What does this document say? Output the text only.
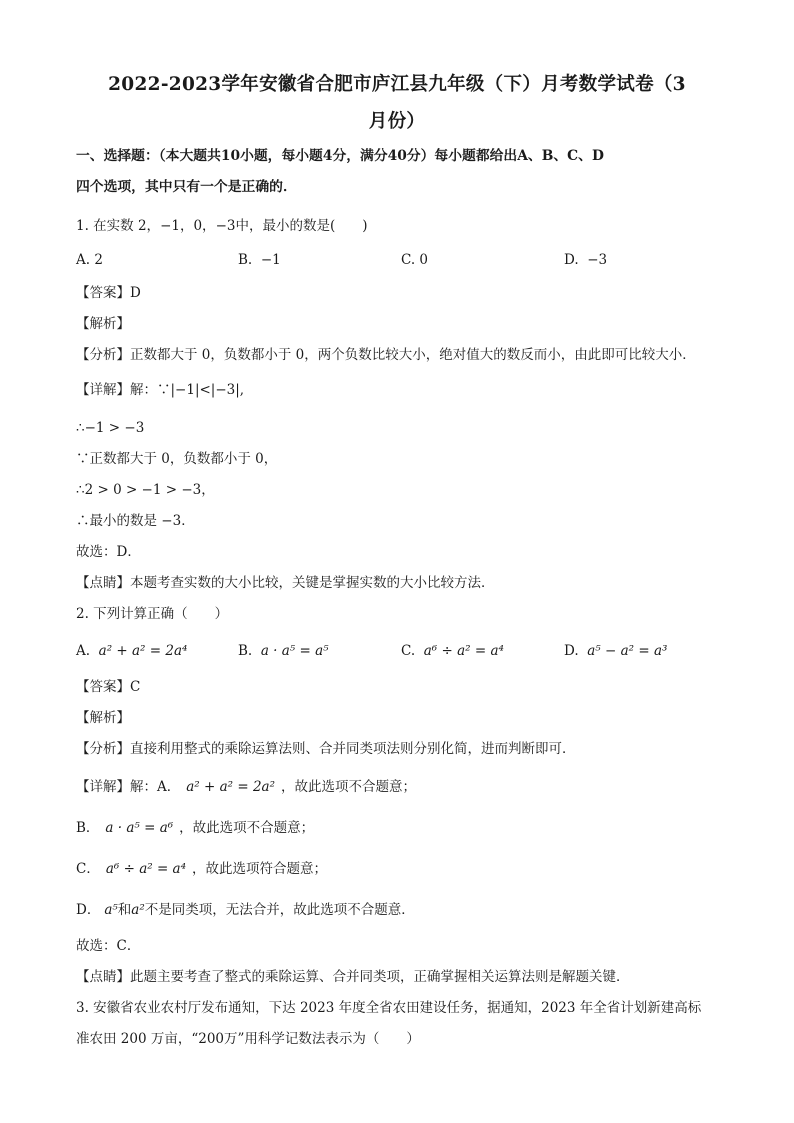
2022-2023学年安徽省合肥市庐江县九年级（下）月考数学试卷（3
月份）
一、选择题：（本大题共10小题，每小题4分，满分40分）每小题都给出A、B、C、D
四个选项，其中只有一个是正确的．
1. 在实数 2，−1，0，−3中，最小的数是(　　)
A. 2	B. −1	C. 0	D. −3
【答案】D
【解析】
【分析】正数都大于 0，负数都小于 0，两个负数比较大小，绝对值大的数反而小，由此即可比较大小．
【详解】解：∵|−1|<|−3|,
∴−1 > −3
∵正数都大于 0，负数都小于 0，
∴2 > 0 > −1 > −3，
∴最小的数是 −3．
故选：D．
【点睛】本题考查实数的大小比较，关键是掌握实数的大小比较方法．
2. 下列计算正确（　　）
A. a² + a² = 2a⁴	B. a · a⁵ = a⁵	C. a⁶ ÷ a² = a⁴	D. a⁵ − a² = a³
【答案】C
【解析】
【分析】直接利用整式的乘除运算法则、合并同类项法则分别化简，进而判断即可．
【详解】解：A． a² + a² = 2a² ，故此选项不合题意；
B． a · a⁵ = a⁶ ，故此选项不合题意；
C． a⁶ ÷ a² = a⁴ ，故此选项符合题意；
D． a⁵和a²不是同类项，无法合并，故此选项不合题意．
故选：C．
【点睛】此题主要考查了整式的乘除运算、合并同类项，正确掌握相关运算法则是解题关键．
3. 安徽省农业农村厅发布通知，下达 2023 年度全省农田建设任务，据通知，2023 年全省计划新建高标
准农田 200 万亩，“200万”用科学记数法表示为（　　）
